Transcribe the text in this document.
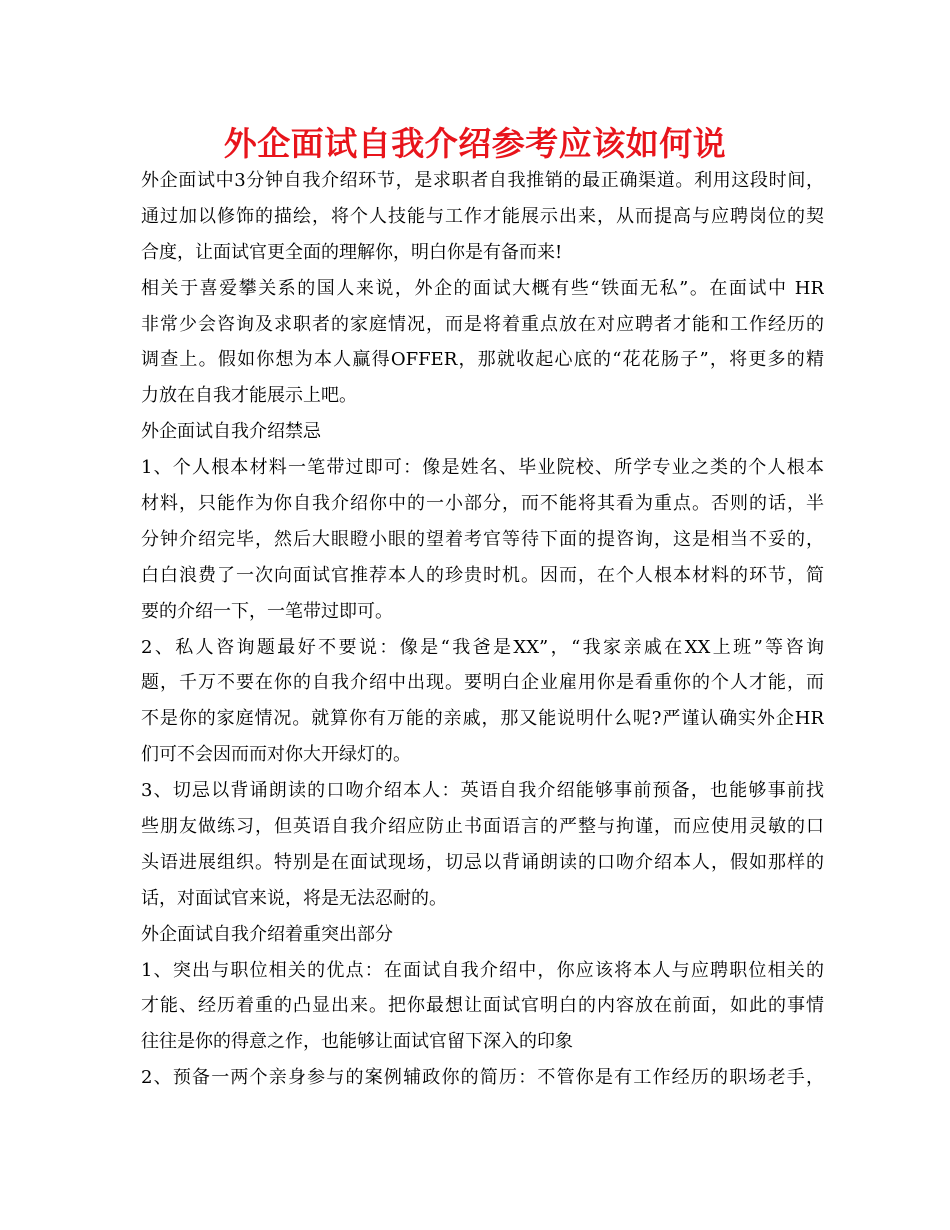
外企面试自我介绍参考应该如何说
外企面试中3分钟自我介绍环节，是求职者自我推销的最正确渠道。利用这段时间，
通过加以修饰的描绘，将个人技能与工作才能展示出来，从而提高与应聘岗位的契
合度，让面试官更全面的理解你，明白你是有备而来!
相关于喜爱攀关系的国人来说，外企的面试大概有些“铁面无私”。在面试中 HR
非常少会咨询及求职者的家庭情况，而是将着重点放在对应聘者才能和工作经历的
调查上。假如你想为本人赢得OFFER，那就收起心底的“花花肠子”，将更多的精
力放在自我才能展示上吧。
外企面试自我介绍禁忌
1、个人根本材料一笔带过即可：像是姓名、毕业院校、所学专业之类的个人根本
材料，只能作为你自我介绍你中的一小部分，而不能将其看为重点。否则的话，半
分钟介绍完毕，然后大眼瞪小眼的望着考官等待下面的提咨询，这是相当不妥的，
白白浪费了一次向面试官推荐本人的珍贵时机。因而，在个人根本材料的环节，简
要的介绍一下，一笔带过即可。
2、私人咨询题最好不要说：像是“我爸是XX”，“我家亲戚在XX上班”等咨询
题，千万不要在你的自我介绍中出现。要明白企业雇用你是看重你的个人才能，而
不是你的家庭情况。就算你有万能的亲戚，那又能说明什么呢?严谨认确实外企HR
们可不会因而而对你大开绿灯的。
3、切忌以背诵朗读的口吻介绍本人：英语自我介绍能够事前预备，也能够事前找
些朋友做练习，但英语自我介绍应防止书面语言的严整与拘谨，而应使用灵敏的口
头语进展组织。特别是在面试现场，切忌以背诵朗读的口吻介绍本人，假如那样的
话，对面试官来说，将是无法忍耐的。
外企面试自我介绍着重突出部分
1、突出与职位相关的优点：在面试自我介绍中，你应该将本人与应聘职位相关的
才能、经历着重的凸显出来。把你最想让面试官明白的内容放在前面，如此的事情
往往是你的得意之作，也能够让面试官留下深入的印象
2、预备一两个亲身参与的案例辅政你的简历：不管你是有工作经历的职场老手，
